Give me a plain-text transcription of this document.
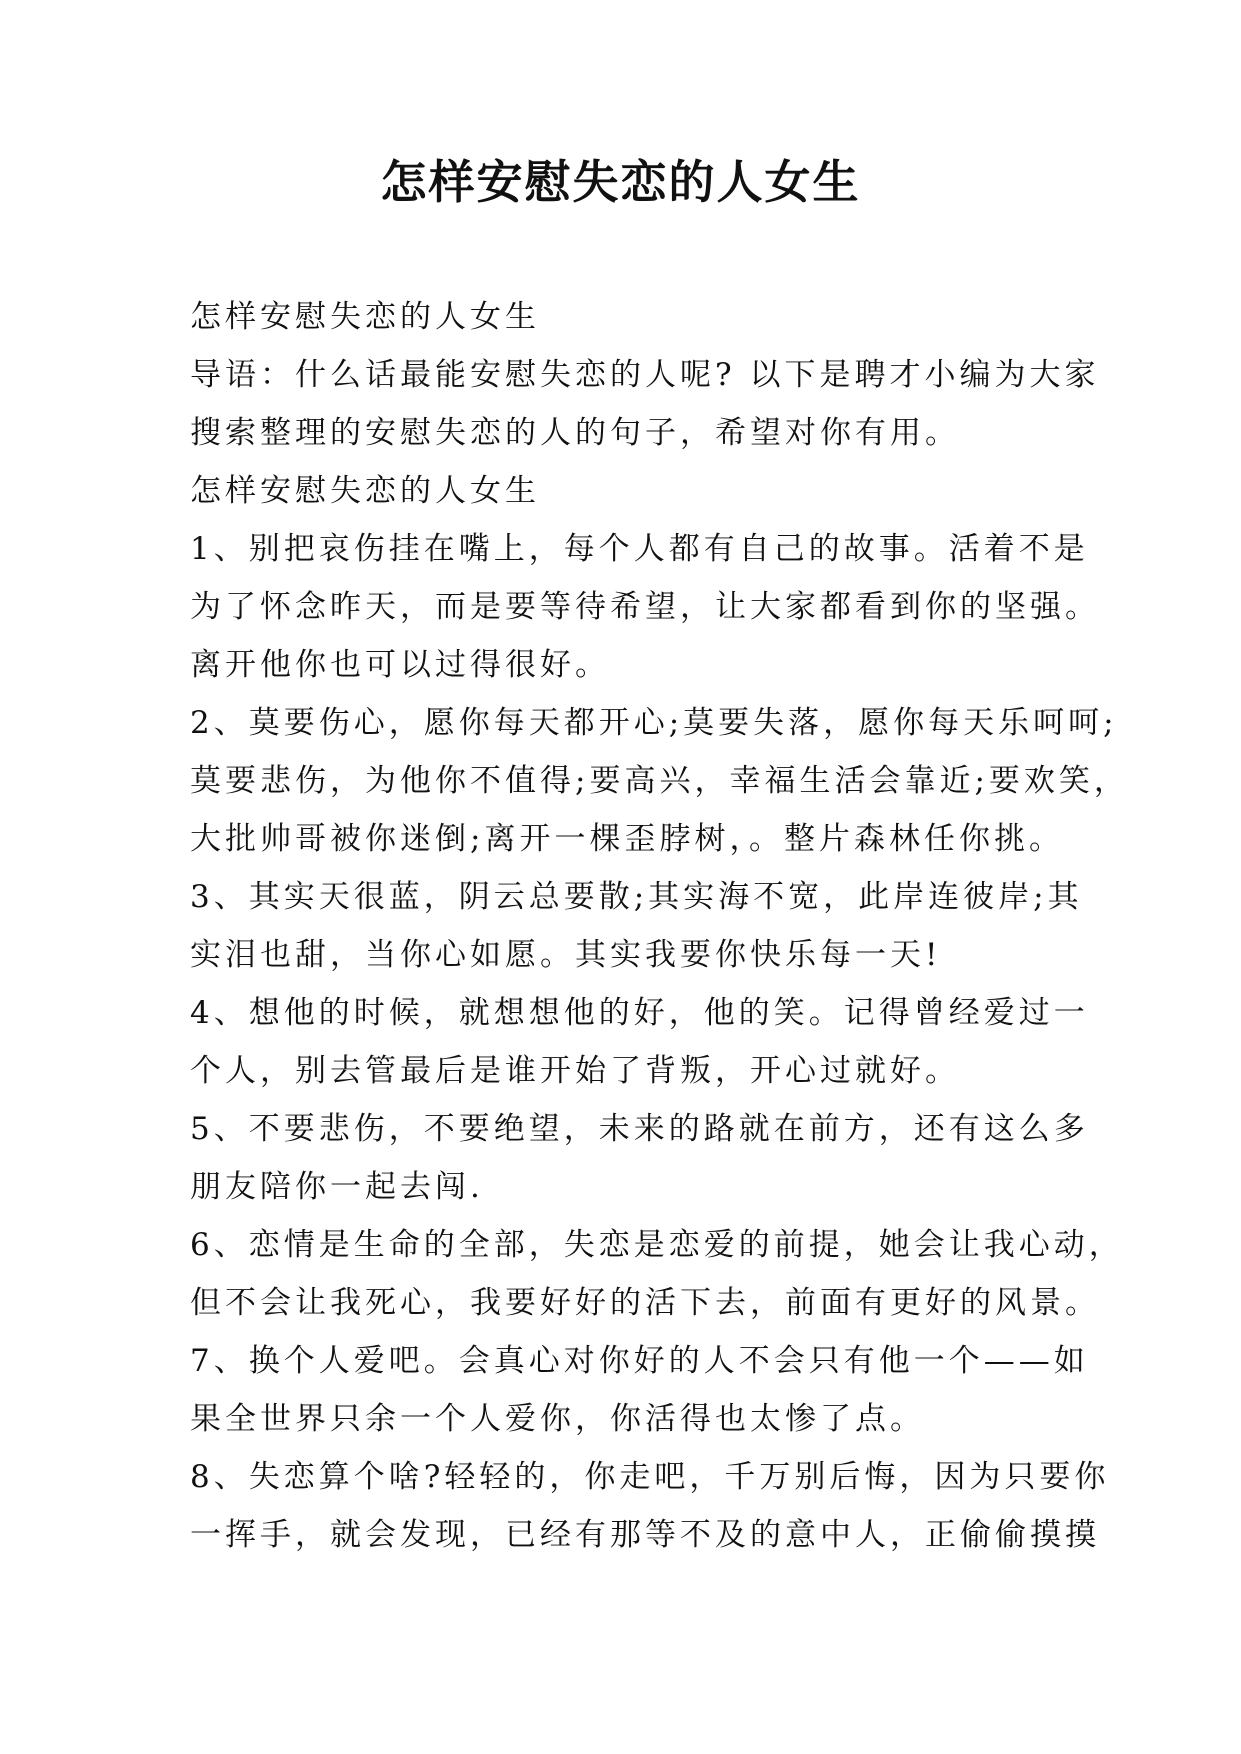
怎样安慰失恋的人女生

怎样安慰失恋的人女生

导语：什么话最能安慰失恋的人呢? 以下是聘才小编为大家
搜索整理的安慰失恋的人的句子，希望对你有用。

怎样安慰失恋的人女生

1、别把哀伤挂在嘴上，每个人都有自己的故事。活着不是
为了怀念昨天，而是要等待希望，让大家都看到你的坚强。
离开他你也可以过得很好。

2、莫要伤心，愿你每天都开心;莫要失落，愿你每天乐呵呵;
莫要悲伤，为他你不值得;要高兴，幸福生活会靠近;要欢笑，
大批帅哥被你迷倒;离开一棵歪脖树，。整片森林任你挑。

3、其实天很蓝，阴云总要散;其实海不宽，此岸连彼岸;其
实泪也甜，当你心如愿。其实我要你快乐每一天!

4、想他的时候，就想想他的好，他的笑。记得曾经爱过一
个人，别去管最后是谁开始了背叛，开心过就好。

5、不要悲伤，不要绝望，未来的路就在前方，还有这么多
朋友陪你一起去闯.

6、恋情是生命的全部，失恋是恋爱的前提，她会让我心动，
但不会让我死心，我要好好的活下去，前面有更好的风景。

7、换个人爱吧。会真心对你好的人不会只有他一个——如
果全世界只余一个人爱你，你活得也太惨了点。

8、失恋算个啥?轻轻的，你走吧，千万别后悔，因为只要你
一挥手，就会发现，已经有那等不及的意中人，正偷偷摸摸
